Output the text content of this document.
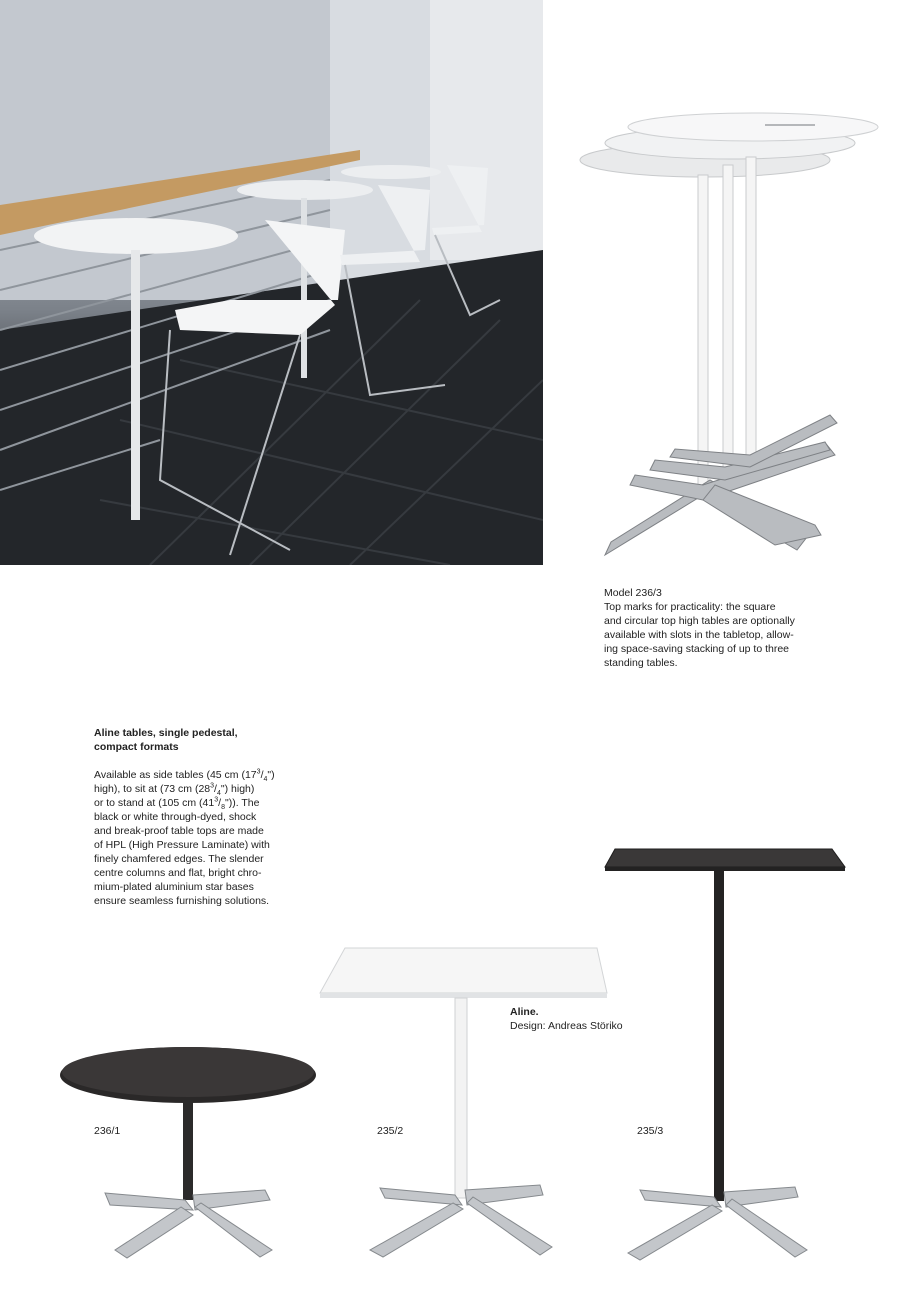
Model 236/3
Top marks for practicality: the square
and circular top high tables are optionally
available with slots in the tabletop, allow-
ing space-saving stacking of up to three
standing tables.
Aline tables, single pedestal,
compact formats
Available as side tables (45 cm $(17^3/_4")$
high), to sit at (73 cm $(28^3/_4")$ high)
or to stand at (105 cm $(41^3/_8")$). The
black or white through-dyed, shock
and break-proof table tops are made
of HPL (High Pressure Laminate) with
finely chamfered edges. The slender
centre columns and flat, bright chro-
mium-plated aluminium star bases
ensure seamless furnishing solutions.
Aline.
Design: Andreas Störiko
236/1	235/2	235/3
